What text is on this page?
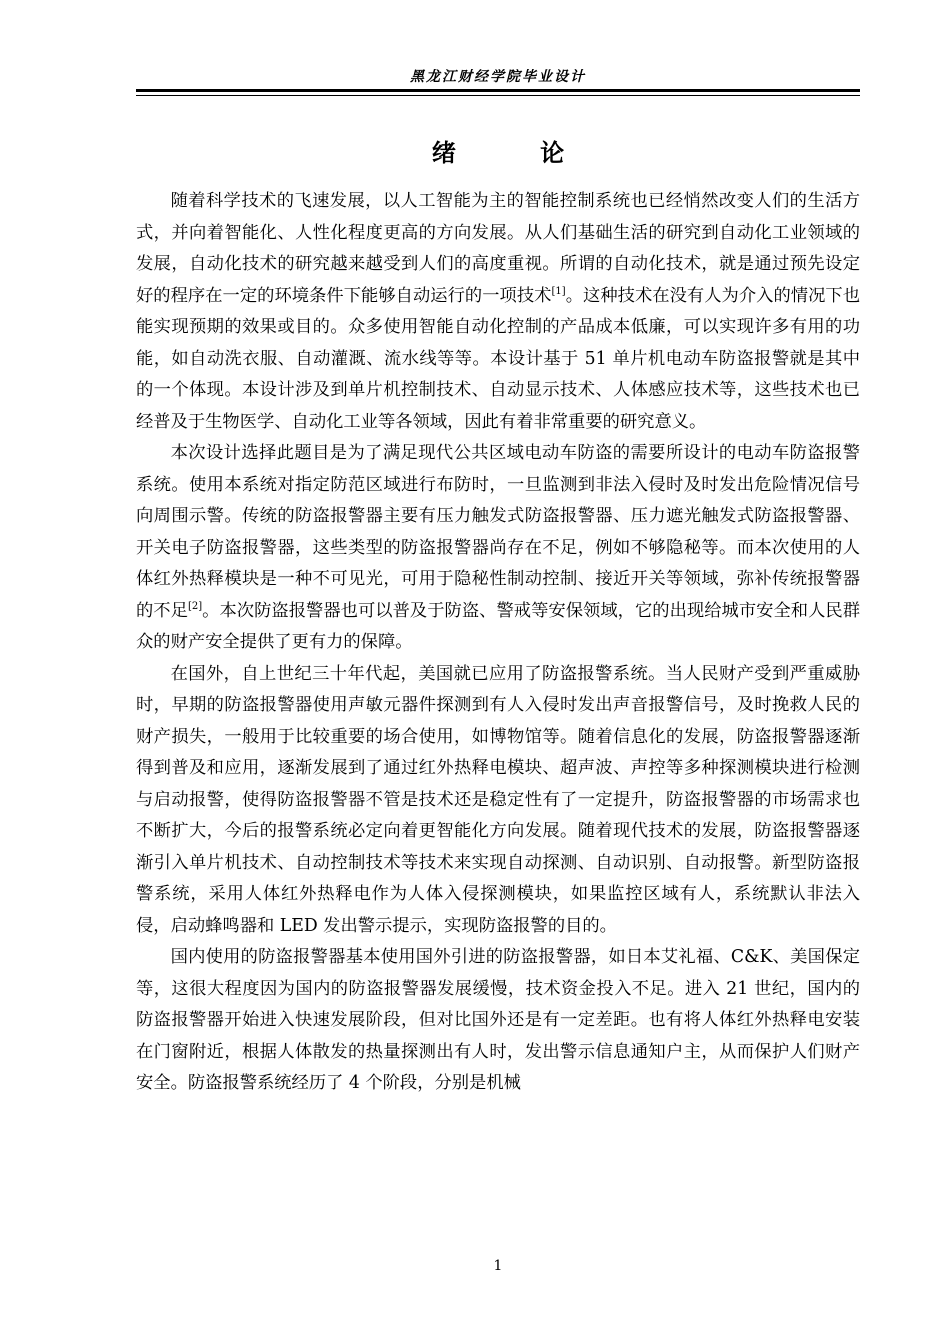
黑龙江财经学院毕业设计
绪 论

随着科学技术的飞速发展，以人工智能为主的智能控制系统也已经悄然改变人们的生活方式，并向着智能化、人性化程度更高的方向发展。从人们基础生活的研究到自动化工业领域的发展，自动化技术的研究越来越受到人们的高度重视。所谓的自动化技术，就是通过预先设定好的程序在一定的环境条件下能够自动运行的一项技术[1]。这种技术在没有人为介入的情况下也能实现预期的效果或目的。众多使用智能自动化控制的产品成本低廉，可以实现许多有用的功能，如自动洗衣服、自动灌溉、流水线等等。本设计基于 51 单片机电动车防盗报警就是其中的一个体现。本设计涉及到单片机控制技术、自动显示技术、人体感应技术等，这些技术也已经普及于生物医学、自动化工业等各领域，因此有着非常重要的研究意义。

本次设计选择此题目是为了满足现代公共区域电动车防盗的需要所设计的电动车防盗报警系统。使用本系统对指定防范区域进行布防时，一旦监测到非法入侵时及时发出危险情况信号向周围示警。传统的防盗报警器主要有压力触发式防盗报警器、压力遮光触发式防盗报警器、开关电子防盗报警器，这些类型的防盗报警器尚存在不足，例如不够隐秘等。而本次使用的人体红外热释模块是一种不可见光，可用于隐秘性制动控制、接近开关等领域，弥补传统报警器的不足[2]。本次防盗报警器也可以普及于防盗、警戒等安保领域，它的出现给城市安全和人民群众的财产安全提供了更有力的保障。

在国外，自上世纪三十年代起，美国就已应用了防盗报警系统。当人民财产受到严重威胁时，早期的防盗报警器使用声敏元器件探测到有人入侵时发出声音报警信号，及时挽救人民的财产损失，一般用于比较重要的场合使用，如博物馆等。随着信息化的发展，防盗报警器逐渐得到普及和应用，逐渐发展到了通过红外热释电模块、超声波、声控等多种探测模块进行检测与启动报警，使得防盗报警器不管是技术还是稳定性有了一定提升，防盗报警器的市场需求也不断扩大，今后的报警系统必定向着更智能化方向发展。随着现代技术的发展，防盗报警器逐渐引入单片机技术、自动控制技术等技术来实现自动探测、自动识别、自动报警。新型防盗报警系统，采用人体红外热释电作为人体入侵探测模块，如果监控区域有人，系统默认非法入侵，启动蜂鸣器和 LED 发出警示提示，实现防盗报警的目的。

国内使用的防盗报警器基本使用国外引进的防盗报警器，如日本艾礼福、C&K、美国保定等，这很大程度因为国内的防盗报警器发展缓慢，技术资金投入不足。进入 21 世纪，国内的防盗报警器开始进入快速发展阶段，但对比国外还是有一定差距。也有将人体红外热释电安装在门窗附近，根据人体散发的热量探测出有人时，发出警示信息通知户主，从而保护人们财产安全。防盗报警系统经历了 4 个阶段，分别是机械

1
